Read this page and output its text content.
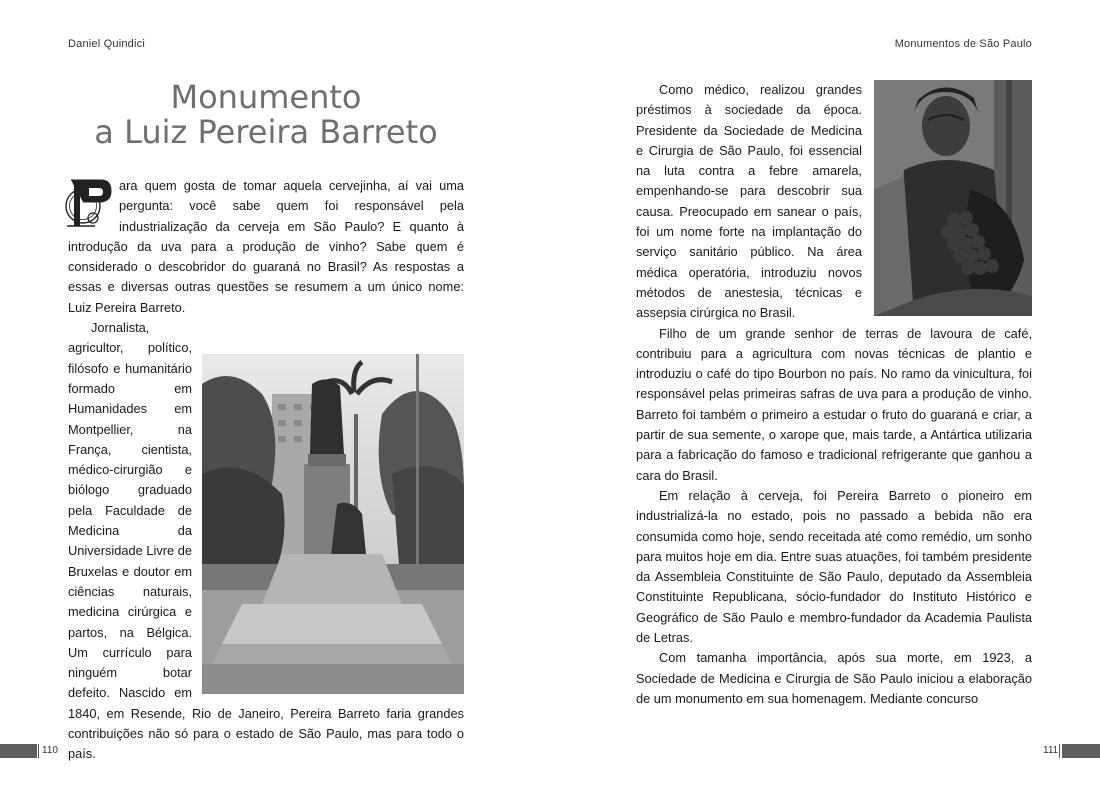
Daniel Quindici	Monumentos de São Paulo
Monumento
a Luiz Pereira Barreto

ara quem gosta de tomar aquela cervejinha, aí vai uma pergunta: você sabe quem foi responsável pela industrialização da cerveja em São Paulo? E quanto à introdução da uva para a produção de vinho? Sabe quem é considerado o descobridor do guaraná no Brasil? As respostas a essas e diversas outras questões se resumem a um único nome: Luiz Pereira Barreto.

Jornalista, agricultor, político, filósofo e humanitário formado em Humanidades em Montpellier, na França, cientista, médico-cirurgião e biólogo graduado pela Faculdade de Medicina da Universidade Livre de Bruxelas e doutor em ciências naturais, medicina cirúrgica e partos, na Bélgica. Um currículo para ninguém botar defeito. Nascido em 1840, em Resende, Rio de Janeiro, Pereira Barreto faria grandes contribuições não só para o estado de São Paulo, mas para todo o país.

Como médico, realizou grandes préstimos à sociedade da época. Presidente da Sociedade de Medicina e Cirurgia de São Paulo, foi essencial na luta contra a febre amarela, empenhando-se para descobrir sua causa. Preocupado em sanear o país, foi um nome forte na implantação do serviço sanitário público. Na área médica operatória, introduziu novos métodos de anestesia, técnicas e assepsia cirúrgica no Brasil.

Filho de um grande senhor de terras de lavoura de café, contribuiu para a agricultura com novas técnicas de plantio e introduziu o café do tipo Bourbon no país. No ramo da vinicultura, foi responsável pelas primeiras safras de uva para a produção de vinho. Barreto foi também o primeiro a estudar o fruto do guaraná e criar, a partir de sua semente, o xarope que, mais tarde, a Antártica utilizaria para a fabricação do famoso e tradicional refrigerante que ganhou a cara do Brasil.

Em relação à cerveja, foi Pereira Barreto o pioneiro em industrializá-la no estado, pois no passado a bebida não era consumida como hoje, sendo receitada até como remédio, um sonho para muitos hoje em dia. Entre suas atuações, foi também presidente da Assembleia Constituinte de São Paulo, deputado da Assembleia Constituinte Republicana, sócio-fundador do Instituto Histórico e Geográfico de São Paulo e membro-fundador da Academia Paulista de Letras.

Com tamanha importância, após sua morte, em 1923, a Sociedade de Medicina e Cirurgia de São Paulo iniciou a elaboração de um monumento em sua homenagem. Mediante concurso

110	111
